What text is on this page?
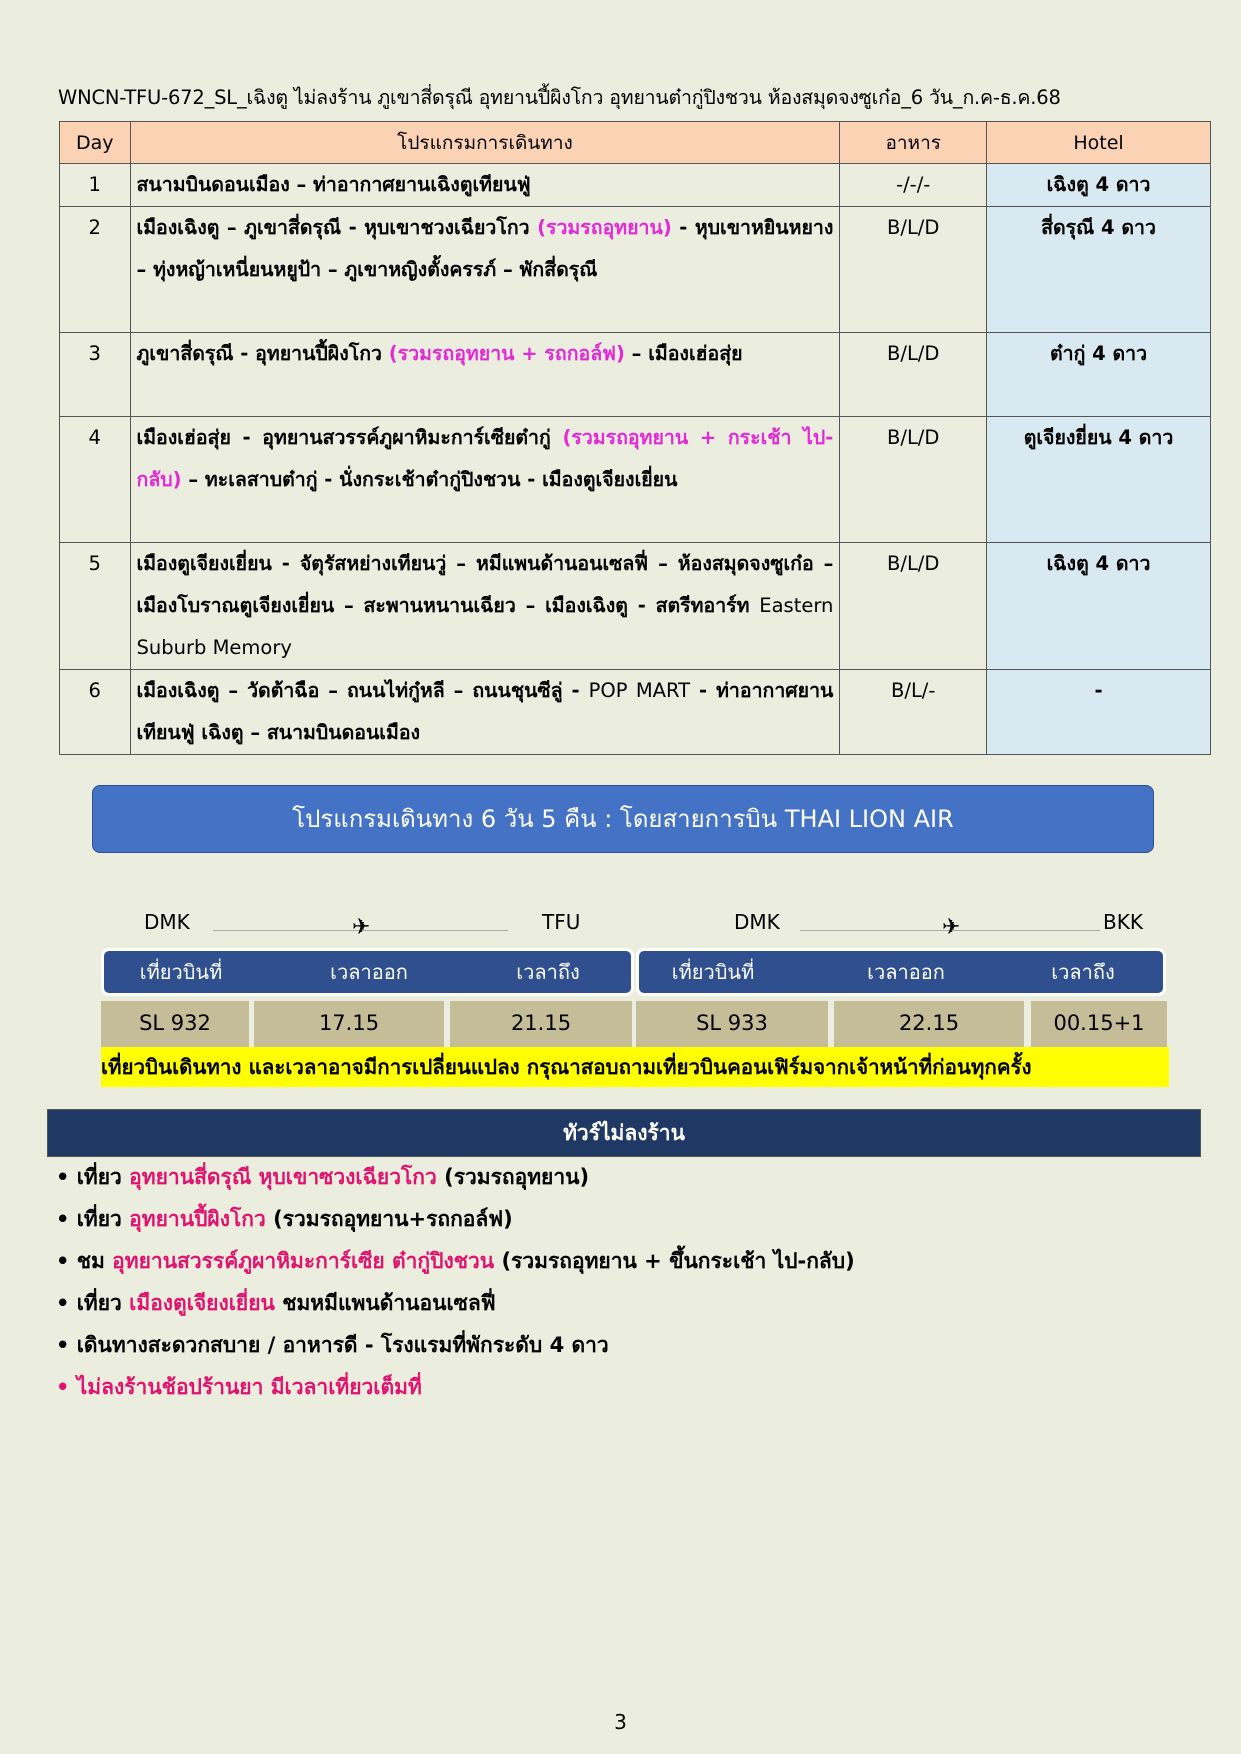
WNCN-TFU-672_SL_เฉิงตู ไม่ลงร้าน ภูเขาสี่ดรุณี อุทยานปี้ผิงโกว อุทยานต๋ากู่ปิงชวน ห้องสมุดจงซูเก๋อ_6 วัน_ก.ค-ธ.ค.68
Day	โปรแกรมการเดินทาง	อาหาร	Hotel
1	สนามบินดอนเมือง – ท่าอากาศยานเฉิงตูเทียนฟู่	-/-/-	เฉิงตู 4 ดาว
2	เมืองเฉิงตู – ภูเขาสี่ดรุณี - หุบเขาชวงเฉียวโกว (รวมรถอุทยาน) - หุบเขาหยินหยาง – ทุ่งหญ้าเหนี่ยนหยูป้า – ภูเขาหญิงตั้งครรภ์ – พักสี่ดรุณี	B/L/D	สี่ดรุณี 4 ดาว
3	ภูเขาสี่ดรุณี - อุทยานปี้ผิงโกว (รวมรถอุทยาน + รถกอล์ฟ) – เมืองเฮ่อสุ่ย	B/L/D	ต๋ากู่ 4 ดาว
4	เมืองเฮ่อสุ่ย - อุทยานสวรรค์ภูผาหิมะการ์เซียต๋ากู่ (รวมรถอุทยาน + กระเช้า ไป-กลับ) – ทะเลสาบต๋ากู่ - นั่งกระเช้าต๋ากู่ปิงชวน - เมืองตูเจียงเยี่ยน	B/L/D	ตูเจียงยี่ยน 4 ดาว
5	เมืองตูเจียงเยี่ยน - จัตุรัสหย่างเทียนวู่ – หมีแพนด้านอนเซลฟี่ – ห้องสมุดจงซูเก๋อ – เมืองโบราณตูเจียงเยี่ยน – สะพานหนานเฉียว – เมืองเฉิงตู - สตรีทอาร์ท Eastern Suburb Memory	B/L/D	เฉิงตู 4 ดาว
6	เมืองเฉิงตู – วัดต้าฉือ – ถนนไท่กู๋หลี – ถนนชุนซีลู่ - POP MART - ท่าอากาศยานเทียนฟู่ เฉิงตู – สนามบินดอนเมือง	B/L/-	-
โปรแกรมเดินทาง 6 วัน 5 คืน : โดยสายการบิน THAI LION AIR
DMK	✈	TFU	DMK	✈	BKK
เที่ยวบินที่	เวลาออก	เวลาถึง	เที่ยวบินที่	เวลาออก	เวลาถึง
SL 932	17.15	21.15	SL 933	22.15	00.15+1
เที่ยวบินเดินทาง และเวลาอาจมีการเปลี่ยนแปลง กรุณาสอบถามเที่ยวบินคอนเฟิร์มจากเจ้าหน้าที่ก่อนทุกครั้ง
ทัวร์ไม่ลงร้าน
• เที่ยว อุทยานสี่ดรุณี หุบเขาซวงเฉียวโกว (รวมรถอุทยาน)
• เที่ยว อุทยานปี้ผิงโกว (รวมรถอุทยาน+รถกอล์ฟ)
• ชม อุทยานสวรรค์ภูผาหิมะการ์เซีย ต๋ากู่ปิงชวน (รวมรถอุทยาน + ขึ้นกระเช้า ไป-กลับ)
• เที่ยว เมืองตูเจียงเยี่ยน ชมหมีแพนด้านอนเซลฟี่
• เดินทางสะดวกสบาย / อาหารดี - โรงแรมที่พักระดับ 4 ดาว
• ไม่ลงร้านช้อปร้านยา มีเวลาเที่ยวเต็มที่
3
